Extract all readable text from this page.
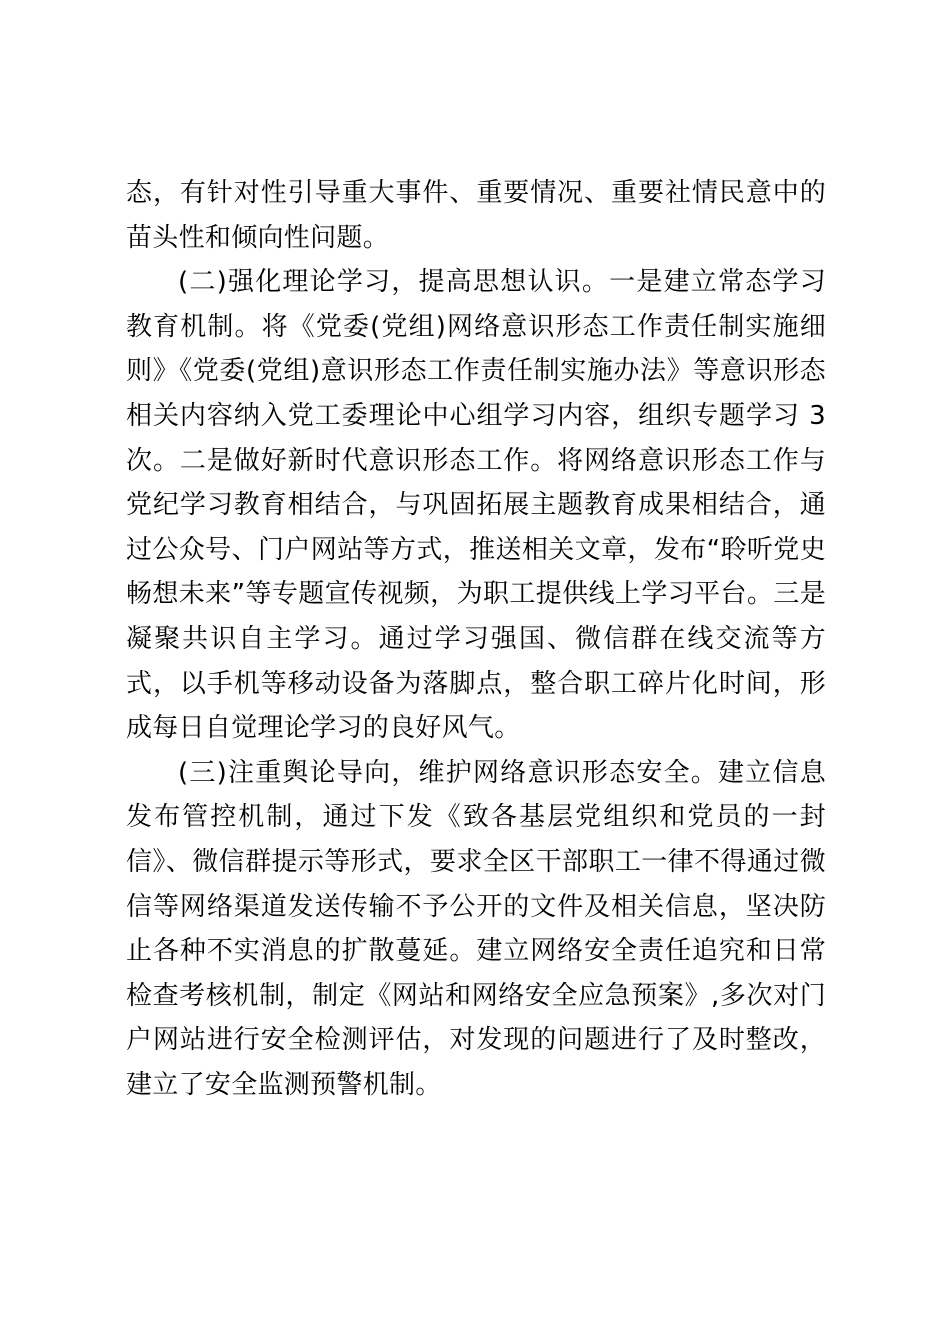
态，有针对性引导重大事件、重要情况、重要社情民意中的苗头性和倾向性问题。

(二)强化理论学习，提高思想认识。一是建立常态学习教育机制。将《党委(党组)网络意识形态工作责任制实施细则》《党委(党组)意识形态工作责任制实施办法》等意识形态相关内容纳入党工委理论中心组学习内容，组织专题学习 3 次。二是做好新时代意识形态工作。将网络意识形态工作与党纪学习教育相结合，与巩固拓展主题教育成果相结合，通过公众号、门户网站等方式，推送相关文章，发布“聆听党史畅想未来”等专题宣传视频，为职工提供线上学习平台。三是凝聚共识自主学习。通过学习强国、微信群在线交流等方式，以手机等移动设备为落脚点，整合职工碎片化时间，形成每日自觉理论学习的良好风气。

(三)注重舆论导向，维护网络意识形态安全。建立信息发布管控机制，通过下发《致各基层党组织和党员的一封信》、微信群提示等形式，要求全区干部职工一律不得通过微信等网络渠道发送传输不予公开的文件及相关信息，坚决防止各种不实消息的扩散蔓延。建立网络安全责任追究和日常检查考核机制，制定《网站和网络安全应急预案》,多次对门户网站进行安全检测评估，对发现的问题进行了及时整改，建立了安全监测预警机制。
